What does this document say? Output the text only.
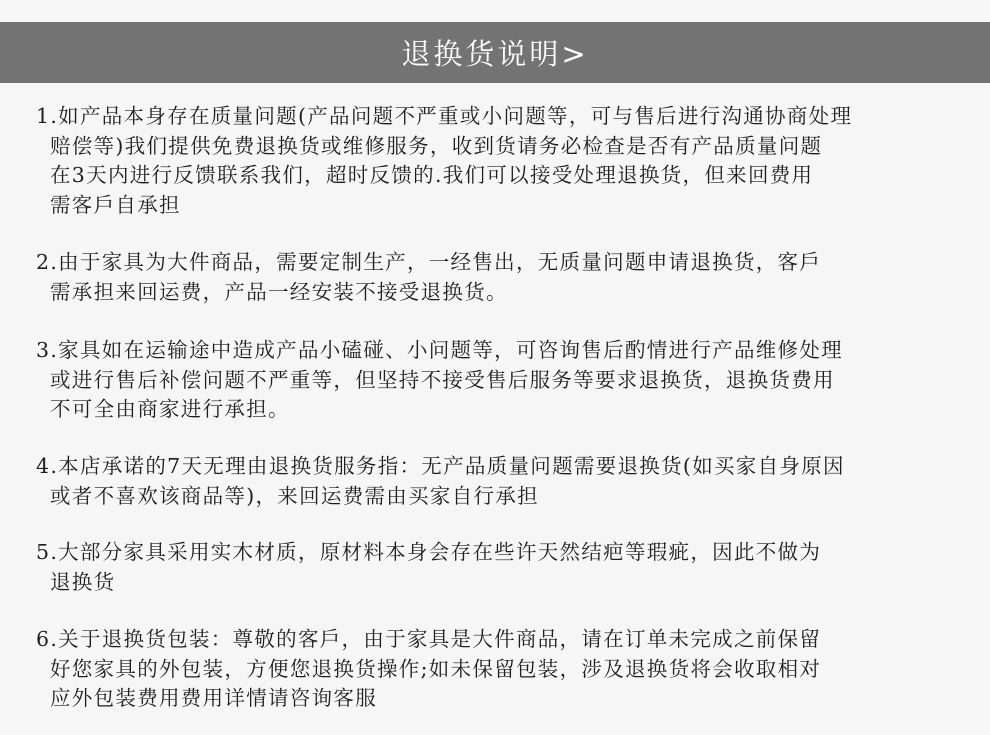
退换货说明>
1.如产品本身存在质量问题(产品问题不严重或小问题等，可与售后进行沟通协商处理
赔偿等)我们提供免费退换货或维修服务，收到货请务必检查是否有产品质量问题
在3天内进行反馈联系我们，超时反馈的.我们可以接受处理退换货，但来回费用
需客戶自承担
2.由于家具为大件商品，需要定制生产，一经售出，无质量问题申请退换货，客戶
需承担来回运费，产品一经安装不接受退换货。
3.家具如在运输途中造成产品小磕碰、小问题等，可咨询售后酌情进行产品维修处理
或进行售后补偿问题不严重等，但坚持不接受售后服务等要求退换货，退换货费用
不可全由商家进行承担。
4.本店承诺的7天无理由退换货服务指：无产品质量问题需要退换货(如买家自身原因
或者不喜欢该商品等)，来回运费需由买家自行承担
5.大部分家具采用实木材质，原材料本身会存在些许天然结疤等瑕疵，因此不做为
退换货
6.关于退换货包装：尊敬的客戶，由于家具是大件商品，请在订单未完成之前保留
好您家具的外包装，方便您退换货操作;如未保留包装，涉及退换货将会收取相对
应外包装费用费用详情请咨询客服
